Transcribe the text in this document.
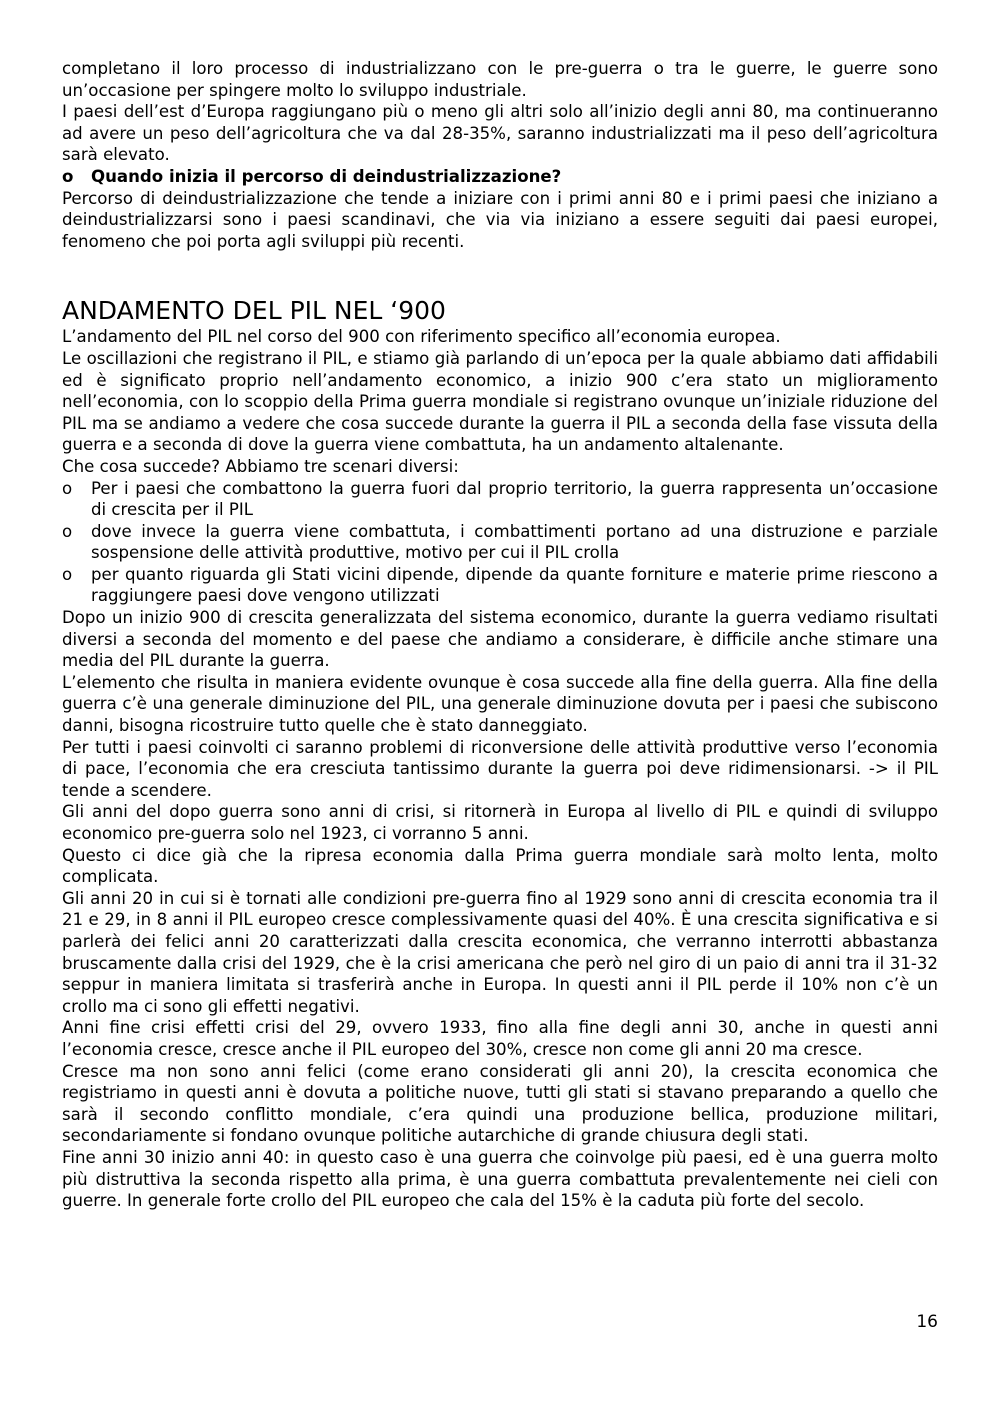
completano il loro processo di industrializzano con le pre-guerra o tra le guerre, le guerre sono un’occasione per spingere molto lo sviluppo industriale.

I paesi dell’est d’Europa raggiungano più o meno gli altri solo all’inizio degli anni 80, ma continueranno ad avere un peso dell’agricoltura che va dal 28-35%, saranno industrializzati ma il peso dell’agricoltura sarà elevato.

o	Quando inizia il percorso di deindustrializzazione?

Percorso di deindustrializzazione che tende a iniziare con i primi anni 80 e i primi paesi che iniziano a deindustrializzarsi sono i paesi scandinavi, che via via iniziano a essere seguiti dai paesi europei, fenomeno che poi porta agli sviluppi più recenti.

ANDAMENTO DEL PIL NEL ‘900

L’andamento del PIL nel corso del 900 con riferimento specifico all’economia europea.

Le oscillazioni che registrano il PIL, e stiamo già parlando di un’epoca per la quale abbiamo dati affidabili ed è significato proprio nell’andamento economico, a inizio 900 c’era stato un miglioramento nell’economia, con lo scoppio della Prima guerra mondiale si registrano ovunque un’iniziale riduzione del PIL ma se andiamo a vedere che cosa succede durante la guerra il PIL a seconda della fase vissuta della guerra e a seconda di dove la guerra viene combattuta, ha un andamento altalenante.

Che cosa succede? Abbiamo tre scenari diversi:

o	Per i paesi che combattono la guerra fuori dal proprio territorio, la guerra rappresenta un’occasione di crescita per il PIL
o	dove invece la guerra viene combattuta, i combattimenti portano ad una distruzione e parziale sospensione delle attività produttive, motivo per cui il PIL crolla
o	per quanto riguarda gli Stati vicini dipende, dipende da quante forniture e materie prime riescono a raggiungere paesi dove vengono utilizzati

Dopo un inizio 900 di crescita generalizzata del sistema economico, durante la guerra vediamo risultati diversi a seconda del momento e del paese che andiamo a considerare, è difficile anche stimare una media del PIL durante la guerra.

L’elemento che risulta in maniera evidente ovunque è cosa succede alla fine della guerra. Alla fine della guerra c’è una generale diminuzione del PIL, una generale diminuzione dovuta per i paesi che subiscono danni, bisogna ricostruire tutto quelle che è stato danneggiato.

Per tutti i paesi coinvolti ci saranno problemi di riconversione delle attività produttive verso l’economia di pace, l’economia che era cresciuta tantissimo durante la guerra poi deve ridimensionarsi. -> il PIL tende a scendere.

Gli anni del dopo guerra sono anni di crisi, si ritornerà in Europa al livello di PIL e quindi di sviluppo economico pre-guerra solo nel 1923, ci vorranno 5 anni.

Questo ci dice già che la ripresa economia dalla Prima guerra mondiale sarà molto lenta, molto complicata.

Gli anni 20 in cui si è tornati alle condizioni pre-guerra fino al 1929 sono anni di crescita economia tra il 21 e 29, in 8 anni il PIL europeo cresce complessivamente quasi del 40%. È una crescita significativa e si parlerà dei felici anni 20 caratterizzati dalla crescita economica, che verranno interrotti abbastanza bruscamente dalla crisi del 1929, che è la crisi americana che però nel giro di un paio di anni tra il 31-32 seppur in maniera limitata si trasferirà anche in Europa. In questi anni il PIL perde il 10% non c’è un crollo ma ci sono gli effetti negativi.

Anni fine crisi effetti crisi del 29, ovvero 1933, fino alla fine degli anni 30, anche in questi anni l’economia cresce, cresce anche il PIL europeo del 30%, cresce non come gli anni 20 ma cresce.

Cresce ma non sono anni felici (come erano considerati gli anni 20), la crescita economica che registriamo in questi anni è dovuta a politiche nuove, tutti gli stati si stavano preparando a quello che sarà il secondo conflitto mondiale, c’era quindi una produzione bellica, produzione militari, secondariamente si fondano ovunque politiche autarchiche di grande chiusura degli stati.

Fine anni 30 inizio anni 40: in questo caso è una guerra che coinvolge più paesi, ed è una guerra molto più distruttiva la seconda rispetto alla prima, è una guerra combattuta prevalentemente nei cieli con guerre. In generale forte crollo del PIL europeo che cala del 15% è la caduta più forte del secolo.

16
